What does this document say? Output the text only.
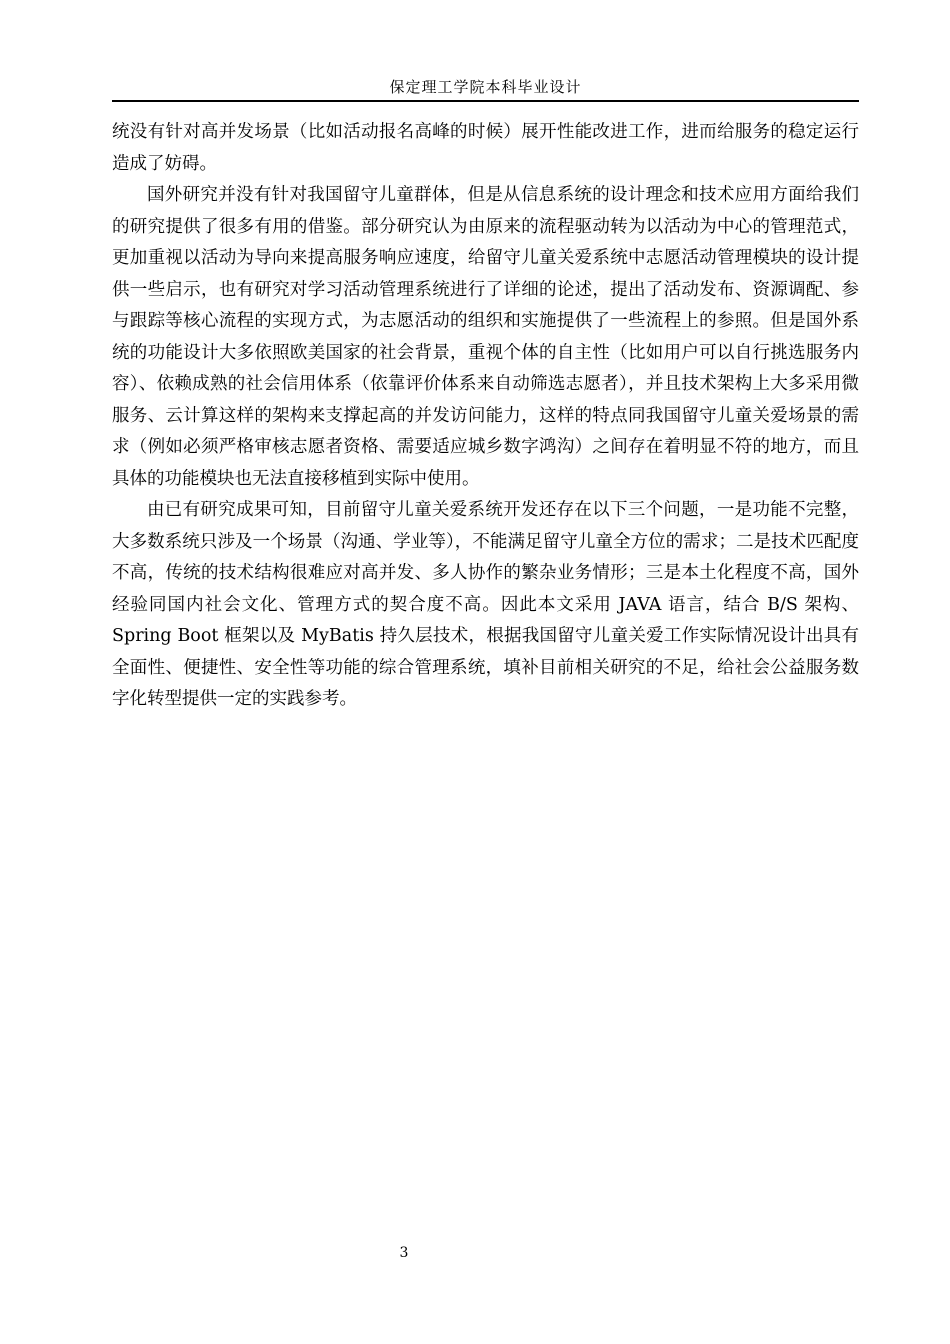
保定理工学院本科毕业设计

统没有针对高并发场景（比如活动报名高峰的时候）展开性能改进工作，进而给服务的稳定运行造成了妨碍。

国外研究并没有针对我国留守儿童群体，但是从信息系统的设计理念和技术应用方面给我们的研究提供了很多有用的借鉴。部分研究认为由原来的流程驱动转为以活动为中心的管理范式，更加重视以活动为导向来提高服务响应速度，给留守儿童关爱系统中志愿活动管理模块的设计提供一些启示，也有研究对学习活动管理系统进行了详细的论述，提出了活动发布、资源调配、参与跟踪等核心流程的实现方式，为志愿活动的组织和实施提供了一些流程上的参照。但是国外系统的功能设计大多依照欧美国家的社会背景，重视个体的自主性（比如用户可以自行挑选服务内容）、依赖成熟的社会信用体系（依靠评价体系来自动筛选志愿者），并且技术架构上大多采用微服务、云计算这样的架构来支撑起高的并发访问能力，这样的特点同我国留守儿童关爱场景的需求（例如必须严格审核志愿者资格、需要适应城乡数字鸿沟）之间存在着明显不符的地方，而且具体的功能模块也无法直接移植到实际中使用。

由已有研究成果可知，目前留守儿童关爱系统开发还存在以下三个问题，一是功能不完整，大多数系统只涉及一个场景（沟通、学业等），不能满足留守儿童全方位的需求；二是技术匹配度不高，传统的技术结构很难应对高并发、多人协作的繁杂业务情形；三是本土化程度不高，国外经验同国内社会文化、管理方式的契合度不高。因此本文采用 JAVA 语言，结合 B/S 架构、Spring Boot 框架以及 MyBatis 持久层技术，根据我国留守儿童关爱工作实际情况设计出具有全面性、便捷性、安全性等功能的综合管理系统，填补目前相关研究的不足，给社会公益服务数字化转型提供一定的实践参考。

3
